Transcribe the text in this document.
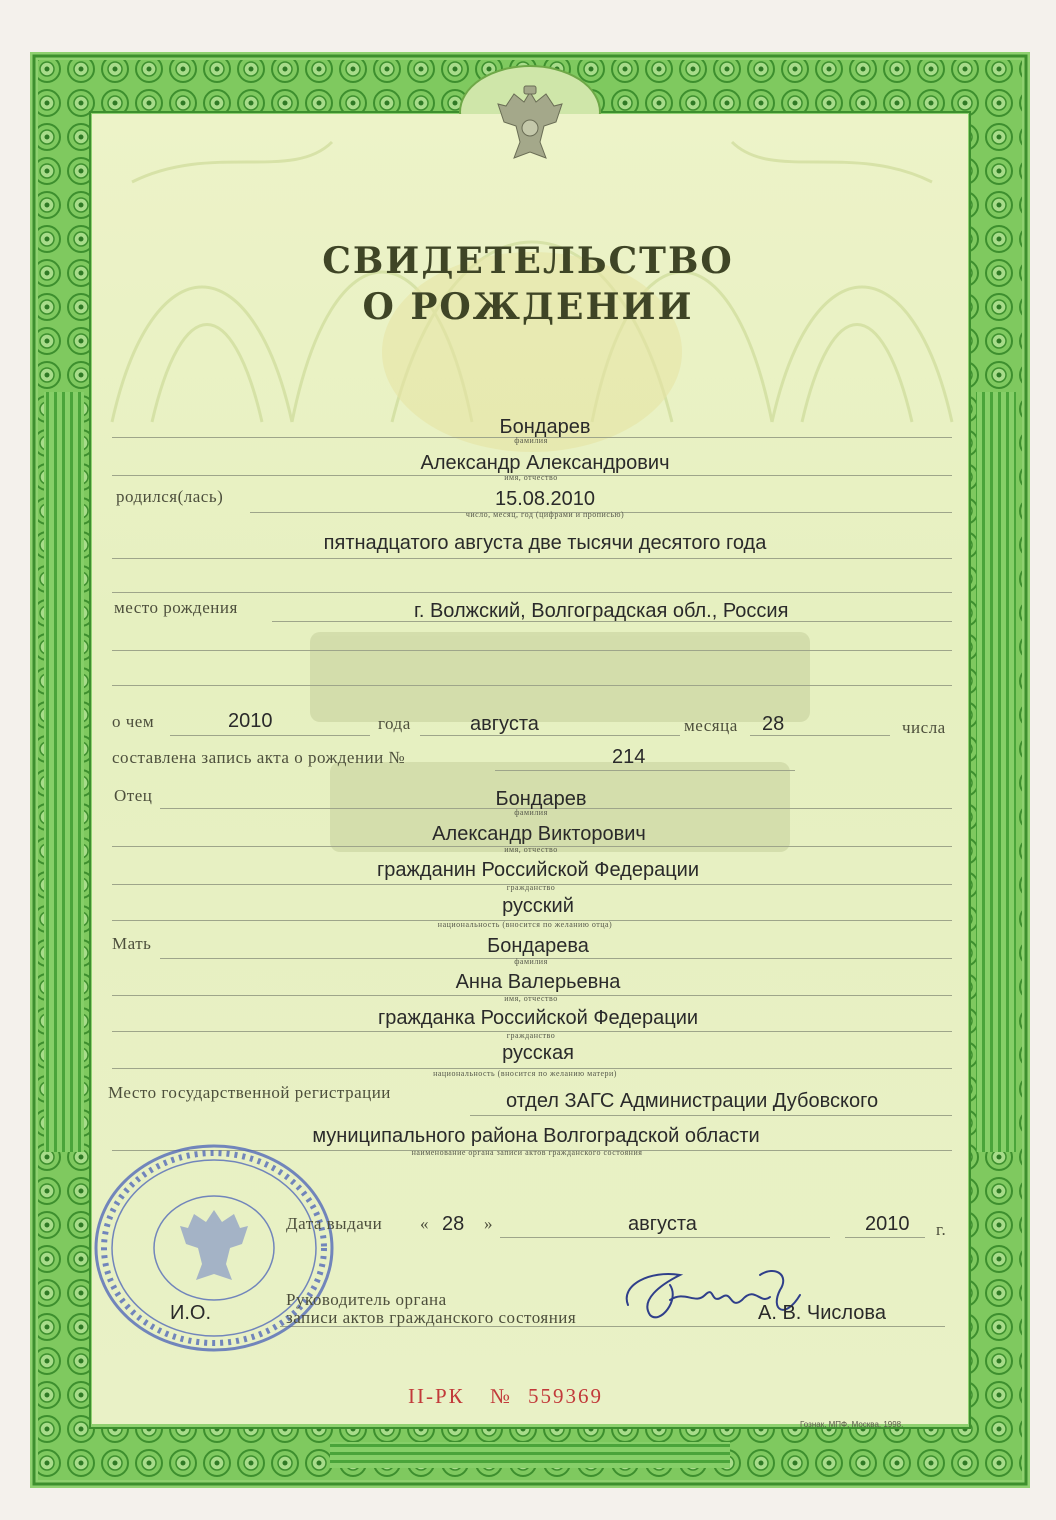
СВИДЕТЕЛЬСТВО
О РОЖДЕНИИ
Бондарев
фамилия
Александр Александрович
имя, отчество
родился(лась)	15.08.2010
число, месяц, год (цифрами и прописью)
пятнадцатого августа две тысячи десятого года
место рождения	г. Волжский, Волгоградская обл., Россия
о чем	2010	года	августа	месяца 28	числа
составлена запись акта о рождении №	214
Отец	Бондарев
фамилия
Александр Викторович
имя, отчество
гражданин Российской Федерации
гражданство
русский
национальность (вносится по желанию отца)
Мать	Бондарева
фамилия
Анна Валерьевна
имя, отчество
гражданка Российской Федерации
гражданство
русская
национальность (вносится по желанию матери)
Место государственной регистрации	отдел ЗАГС Администрации Дубовского
муниципального района Волгоградской области
наименование органа записи актов гражданского состояния
Дата выдачи « 28 »	августа	2010 г.
И.О.
Руководитель органа
записи актов гражданского состояния	А. В. Числова
II-РК № 559369
Гознак, МПФ, Москва, 1998.
